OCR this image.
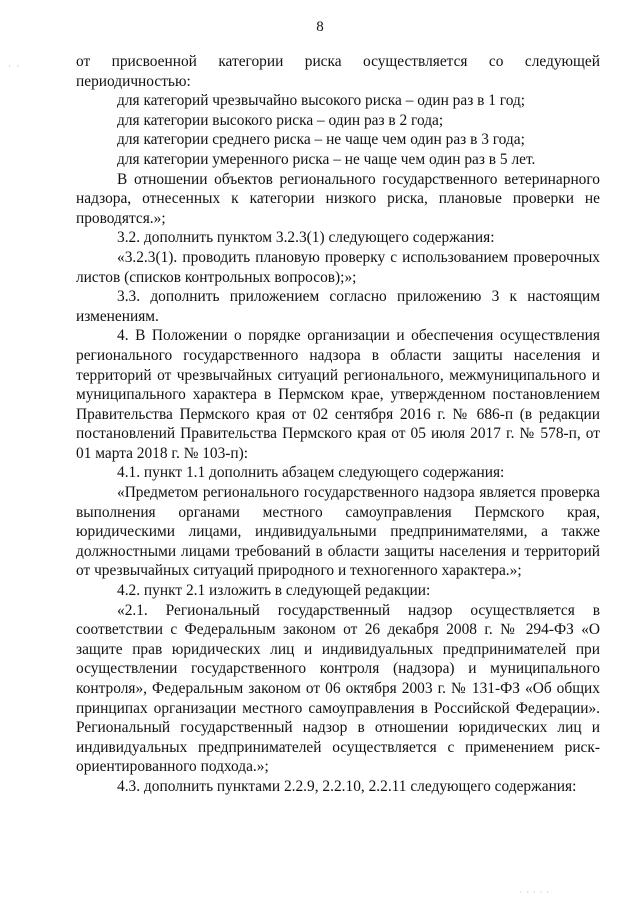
· ·
8
от присвоенной категории риска осуществляется со следующей

периодичностью:

для категорий чрезвычайно высокого риска – один раз в 1 год;

для категории высокого риска – один раз в 2 года;

для категории среднего риска – не чаще чем один раз в 3 года;

для категории умеренного риска – не чаще чем один раз в 5 лет.

В отношении объектов регионального государственного ветеринарного надзора, отнесенных к категории низкого риска, плановые проверки не проводятся.»;

3.2. дополнить пунктом 3.2.3(1) следующего содержания:

«3.2.3(1). проводить плановую проверку с использованием проверочных листов (списков контрольных вопросов);»;

3.3. дополнить приложением согласно приложению 3 к настоящим изменениям.

4. В Положении о порядке организации и обеспечения осуществления регионального государственного надзора в области защиты населения и территорий от чрезвычайных ситуаций регионального, межмуниципального и муниципального характера в Пермском крае, утвержденном постановлением Правительства Пермского края от 02 сентября 2016 г. № 686-п (в редакции постановлений Правительства Пермского края от 05 июля 2017 г. № 578-п, от 01 марта 2018 г. № 103-п):

4.1. пункт 1.1 дополнить абзацем следующего содержания:

«Предметом регионального государственного надзора является проверка выполнения органами местного самоуправления Пермского края, юридическими лицами, индивидуальными предпринимателями, а также должностными лицами требований в области защиты населения и территорий от чрезвычайных ситуаций природного и техногенного характера.»;

4.2. пункт 2.1 изложить в следующей редакции:

«2.1. Региональный государственный надзор осуществляется в соответствии с Федеральным законом от 26 декабря 2008 г. № 294-ФЗ «О защите прав юридических лиц и индивидуальных предпринимателей при осуществлении государственного контроля (надзора) и муниципального контроля», Федеральным законом от 06 октября 2003 г. № 131-ФЗ «Об общих принципах организации местного самоуправления в Российской Федерации». Региональный государственный надзор в отношении юридических лиц и индивидуальных предпринимателей осуществляется с применением риск-ориентированного подхода.»;

4.3. дополнить пунктами 2.2.9, 2.2.10, 2.2.11 следующего содержания:

· · · · ·
